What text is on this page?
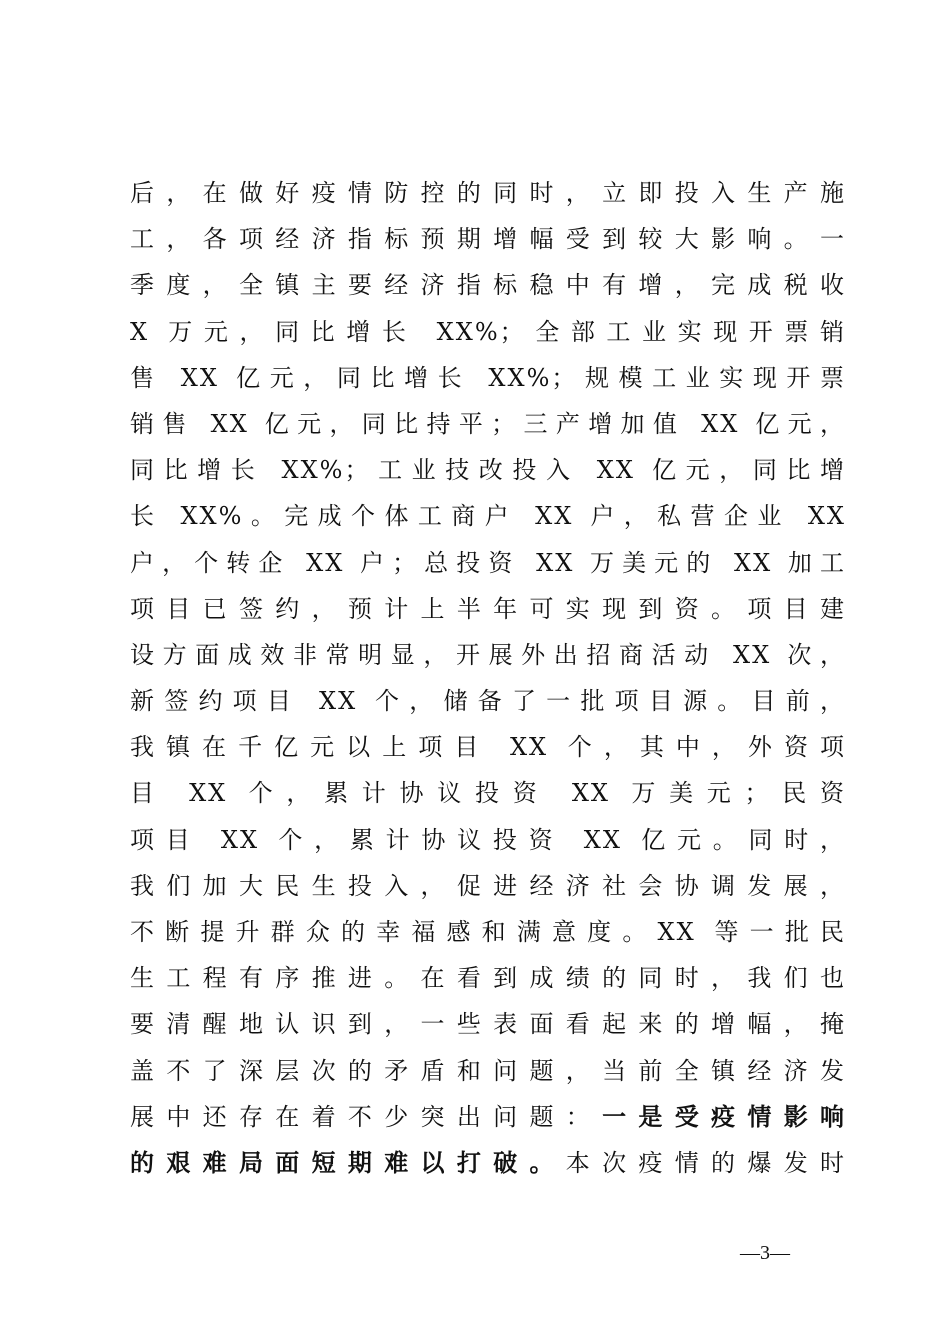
后，在做好疫情防控的同时，立即投入生产施
工，各项经济指标预期增幅受到较大影响。一
季度，全镇主要经济指标稳中有增，完成税收
X 万元，同比增长 XX%；全部工业实现开票销
售 XX 亿元，同比增长 XX%；规模工业实现开票
销售 XX 亿元，同比持平；三产增加值 XX 亿元，
同比增长 XX%；工业技改投入 XX 亿元，同比增
长 XX%。完成个体工商户 XX 户，私营企业 XX
户，个转企 XX 户；总投资 XX 万美元的 XX 加工
项目已签约，预计上半年可实现到资。项目建
设方面成效非常明显，开展外出招商活动 XX 次，
新签约项目 XX 个，储备了一批项目源。目前，
我镇在千亿元以上项目 XX 个，其中，外资项
目 XX 个，累计协议投资 XX 万美元；民资
项目 XX 个，累计协议投资 XX 亿元。同时，
我们加大民生投入，促进经济社会协调发展，
不断提升群众的幸福感和满意度。XX 等一批民
生工程有序推进。在看到成绩的同时，我们也
要清醒地认识到，一些表面看起来的增幅，掩
盖不了深层次的矛盾和问题，当前全镇经济发
展中还存在着不少突出问题：一是受疫情影响
的艰难局面短期难以打破。本次疫情的爆发时
—3—
